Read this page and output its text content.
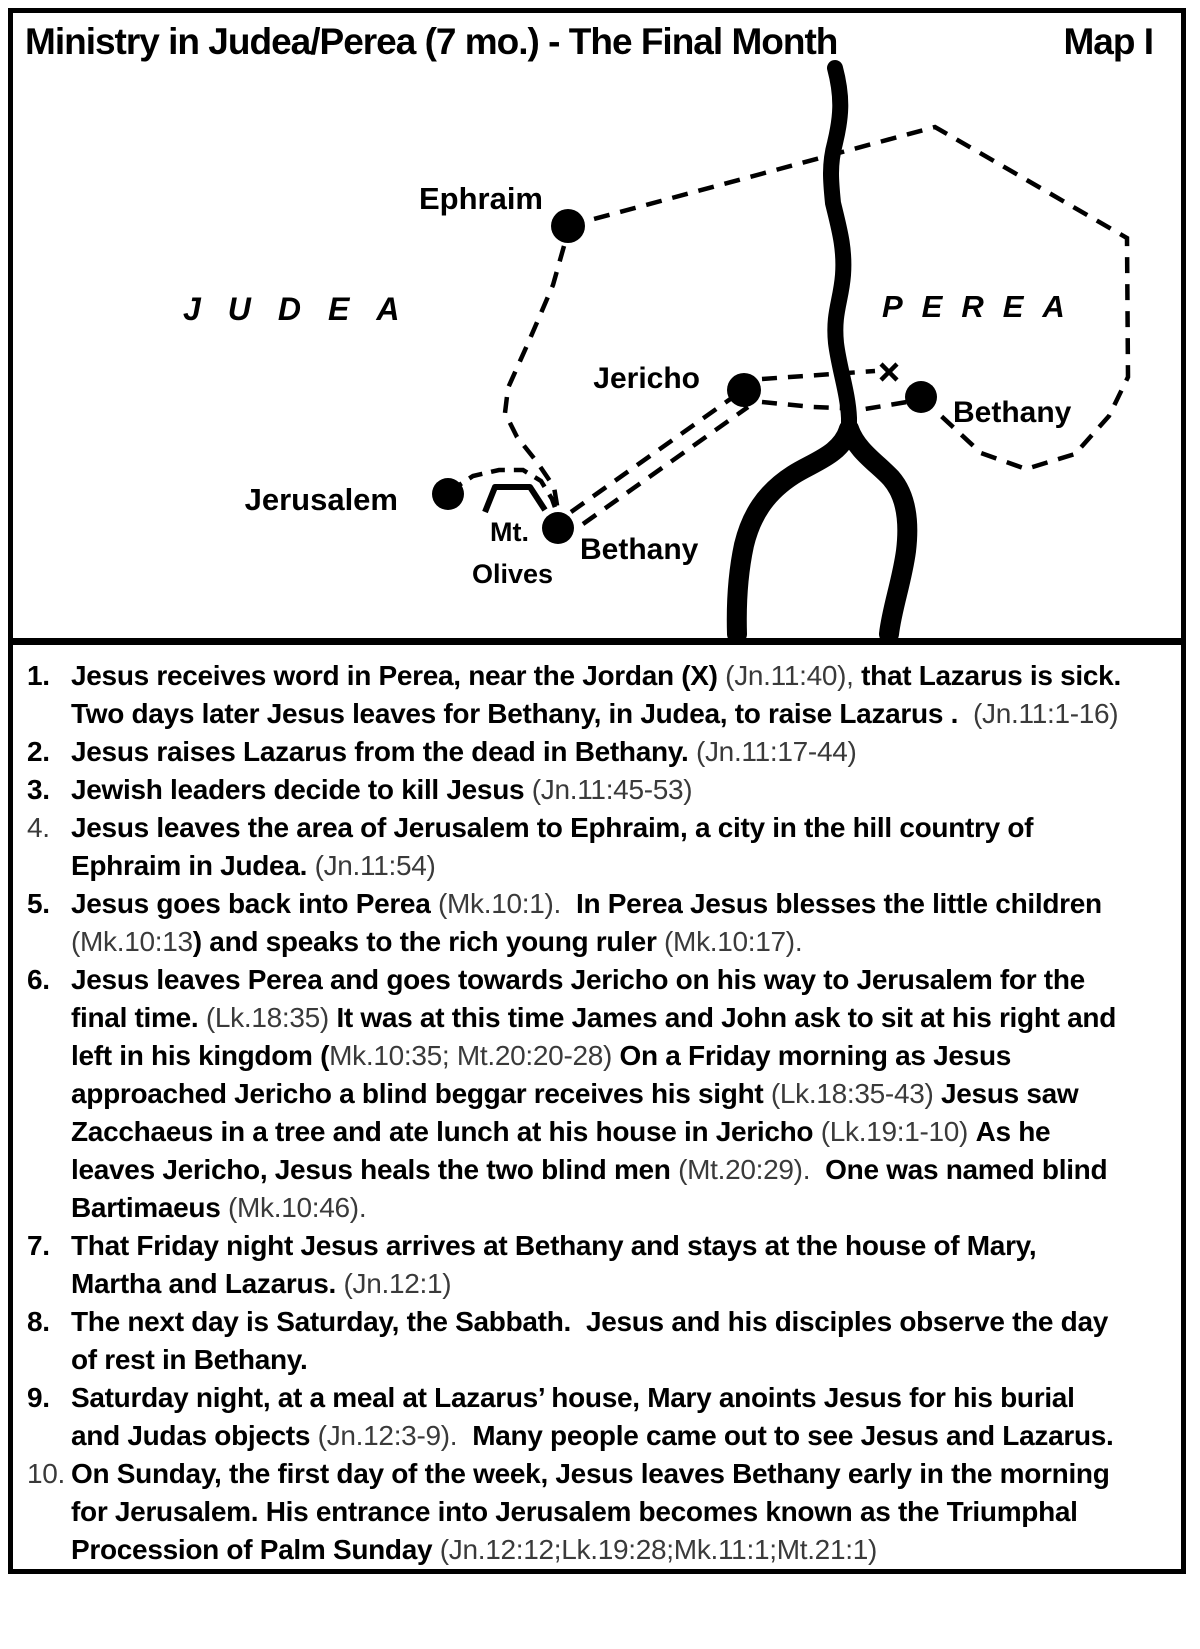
Ephraim
JUDEA	PEREA
Jericho
Bethany
Jerusalem
Mt.
Olives
Bethany
Ministry in Judea/Perea (7 mo.) - The Final Month	Map I
1. Jesus receives word in Perea, near the Jordan (X) (Jn.11:40), that Lazarus is sick.  Two days later Jesus leaves for Bethany, in Judea, to raise Lazarus .  (Jn.11:1-16)
2. Jesus raises Lazarus from the dead in Bethany. (Jn.11:17-44)
3. Jewish leaders decide to kill Jesus (Jn.11:45-53)
4. Jesus leaves the area of Jerusalem to Ephraim, a city in the hill country of Ephraim in Judea. (Jn.11:54)
5. Jesus goes back into Perea (Mk.10:1).  In Perea Jesus blesses the little children (Mk.10:13) and speaks to the rich young ruler (Mk.10:17).
6. Jesus leaves Perea and goes towards Jericho on his way to Jerusalem for the final time. (Lk.18:35) It was at this time James and John ask to sit at his right and left in his kingdom (Mk.10:35; Mt.20:20-28) On a Friday morning as Jesus approached Jericho a blind beggar receives his sight (Lk.18:35-43) Jesus saw Zacchaeus in a tree and ate lunch at his house in Jericho (Lk.19:1-10) As he leaves Jericho, Jesus heals the two blind men (Mt.20:29).  One was named blind Bartimaeus (Mk.10:46).
7. That Friday night Jesus arrives at Bethany and stays at the house of Mary, Martha and Lazarus. (Jn.12:1)
8. The next day is Saturday, the Sabbath.  Jesus and his disciples observe the day of rest in Bethany.
9. Saturday night, at a meal at Lazarus’ house, Mary anoints Jesus for his burial and Judas objects (Jn.12:3-9).  Many people came out to see Jesus and Lazarus.
10. On Sunday, the first day of the week, Jesus leaves Bethany early in the morning for Jerusalem. His entrance into Jerusalem becomes known as the Triumphal Procession of Palm Sunday (Jn.12:12;Lk.19:28;Mk.11:1;Mt.21:1)
